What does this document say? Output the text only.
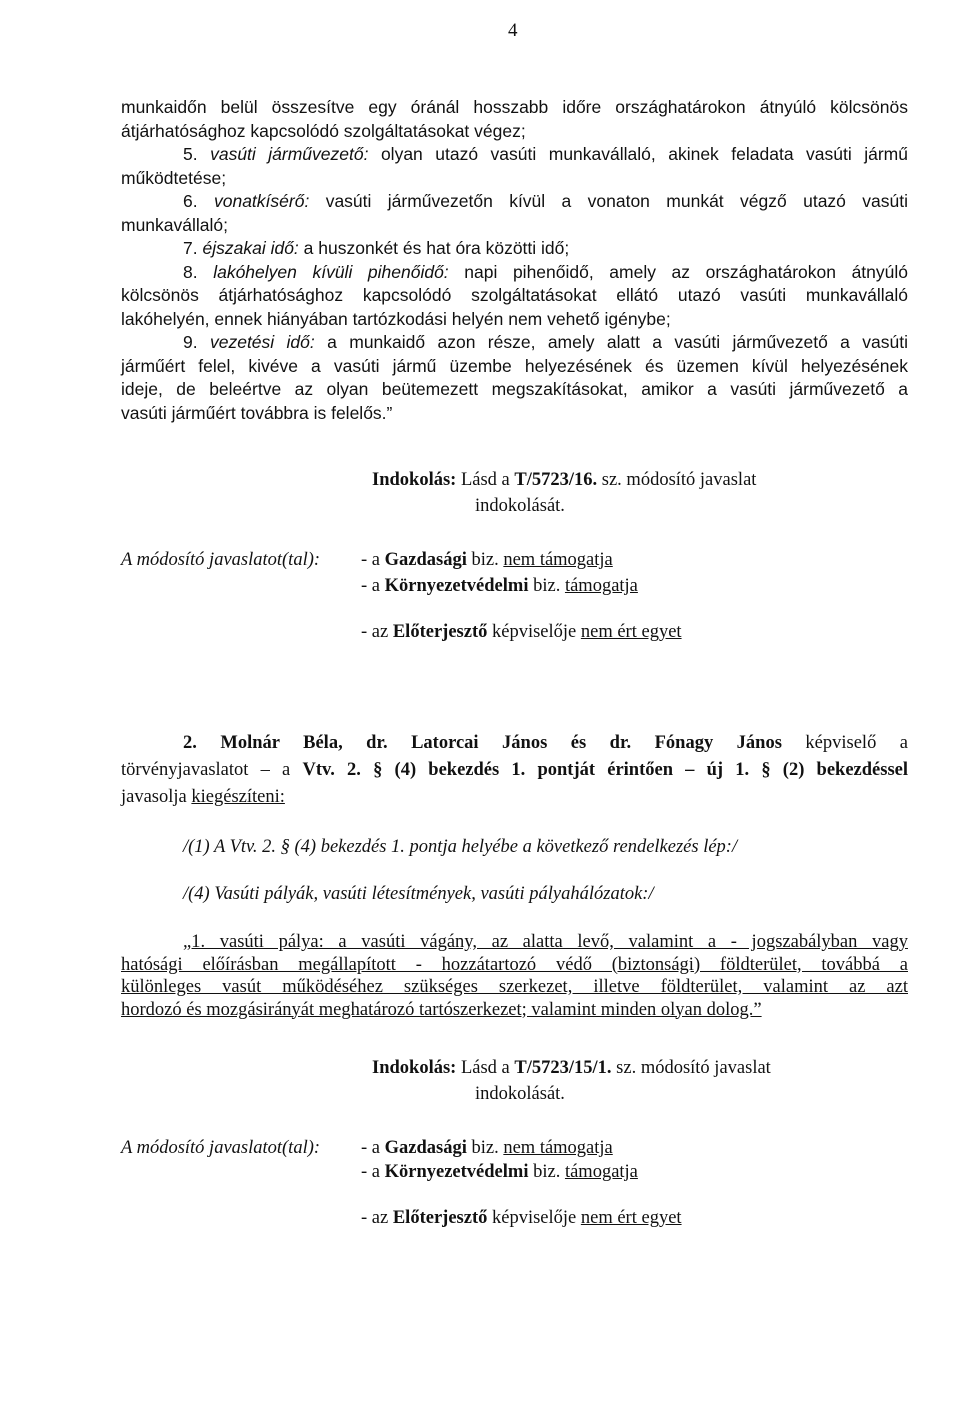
4
munkaidőn belül összesítve egy óránál hosszabb időre országhatárokon átnyúló kölcsönös
átjárhatósághoz kapcsolódó szolgáltatásokat végez;
5. vasúti járművezető: olyan utazó vasúti munkavállaló, akinek feladata vasúti jármű
működtetése;
6. vonatkísérő: vasúti járművezetőn kívül a vonaton munkát végző utazó vasúti
munkavállaló;
7. éjszakai idő: a huszonkét és hat óra közötti idő;
8. lakóhelyen kívüli pihenőidő: napi pihenőidő, amely az országhatárokon átnyúló
kölcsönös átjárhatósághoz kapcsolódó szolgáltatásokat ellátó utazó vasúti munkavállaló
lakóhelyén, ennek hiányában tartózkodási helyén nem vehető igénybe;
9. vezetési idő: a munkaidő azon része, amely alatt a vasúti járművezető a vasúti
járműért felel, kivéve a vasúti jármű üzembe helyezésének és üzemen kívül helyezésének
ideje, de beleértve az olyan beütemezett megszakításokat, amikor a vasúti járművezető a
vasúti járműért továbbra is felelős.”
Indokolás: Lásd a T/5723/16. sz. módosító javaslat
indokolását.
A módosító javaslatot(tal): - a Gazdasági biz. nem támogatja
- a Környezetvédelmi biz. támogatja
- az Előterjesztő képviselője nem ért egyet
2. Molnár Béla, dr. Latorcai János és dr. Fónagy János képviselő a
törvényjavaslatot – a Vtv. 2. § (4) bekezdés 1. pontját érintően – új 1. § (2) bekezdéssel
javasolja kiegészíteni:
/(1) A Vtv. 2. § (4) bekezdés 1. pontja helyébe a következő rendelkezés lép:/
/(4) Vasúti pályák, vasúti létesítmények, vasúti pályahálózatok:/
„1. vasúti pálya: a vasúti vágány, az alatta levő, valamint a - jogszabályban vagy
hatósági előírásban megállapított - hozzátartozó védő (biztonsági) földterület, továbbá a
különleges vasút működéséhez szükséges szerkezet, illetve földterület, valamint az azt
hordozó és mozgásirányát meghatározó tartószerkezet; valamint minden olyan dolog.”
Indokolás: Lásd a T/5723/15/1. sz. módosító javaslat
indokolását.
A módosító javaslatot(tal): - a Gazdasági biz. nem támogatja
- a Környezetvédelmi biz. támogatja
- az Előterjesztő képviselője nem ért egyet
